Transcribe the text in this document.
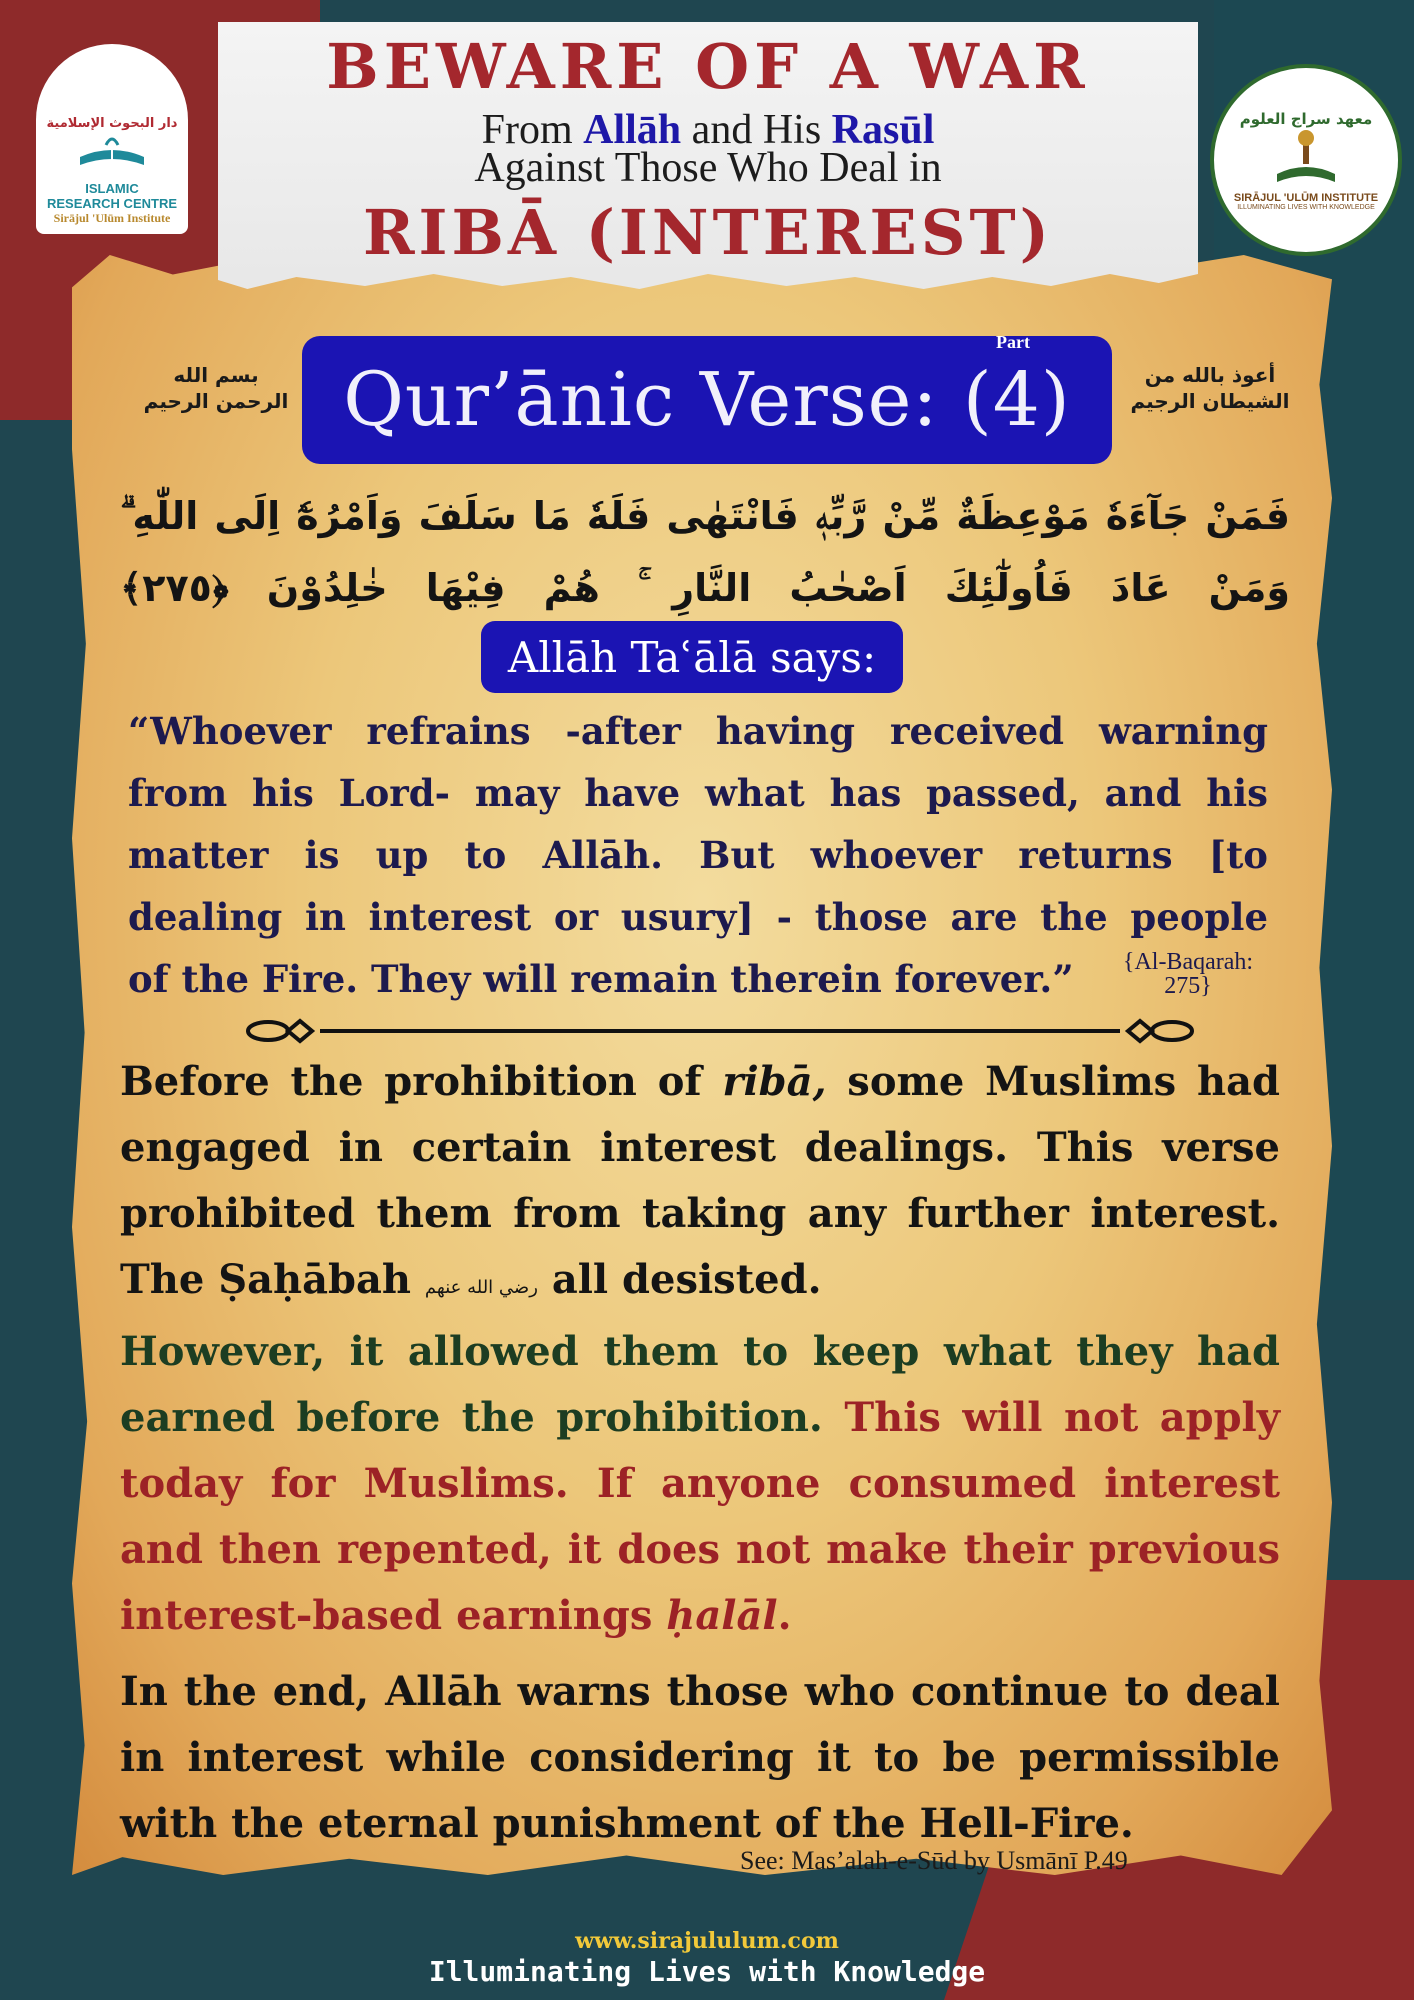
BEWARE OF A WAR
From Allāh and His Rasūl
Against Those Who Deal in
RIBĀ (INTEREST)
دار البحوث الإسلامية
ISLAMIC
RESEARCH CENTRE
Sirājul 'Ulūm Institute
معهد سراج العلوم
SIRĀJUL 'ULŪM INSTITUTE
ILLUMINATING LIVES WITH KNOWLEDGE
بسم الله
الرحمن الرحيم Qur’ānic Verse: (4)
Part
أعوذ بالله من
الشيطان الرجيم
فَمَنْ جَآءَهٗ مَوْعِظَةٌ مِّنْ رَّبِّهٖ فَانْتَهٰى فَلَهٗ مَا سَلَفَ وَاَمْرُهٗٓ اِلَى اللّٰهِ ۗ
وَمَنْ عَادَ فَاُولٰٓئِكَ اَصْحٰبُ النَّارِ ۚ هُمْ فِيْهَا خٰلِدُوْنَ ﴿٢٧٥﴾
Allāh Taʿālā says:
“Whoever refrains -after having received warning
from his Lord- may have what has passed, and his
matter is up to Allāh. But whoever returns [to
dealing in interest or usury] - those are the people
of the Fire. They will remain therein forever.”	{Al-Baqarah:
275}
Before the prohibition of ribā, some Muslims had engaged in certain interest dealings. This verse prohibited them from taking any further interest. The Ṣaḥābah رضي الله عنهم all desisted.
However, it allowed them to keep what they had earned before the prohibition. This will not apply today for Muslims. If anyone consumed interest and then repented, it does not make their previous interest-based earnings ḥalāl.
In the end, Allāh warns those who continue to deal in interest while considering it to be permissible with the eternal punishment of the Hell-Fire.
See: Mas’alah-e-Sūd by Usmānī P.49
www.sirajululum.com
Illuminating Lives with Knowledge
